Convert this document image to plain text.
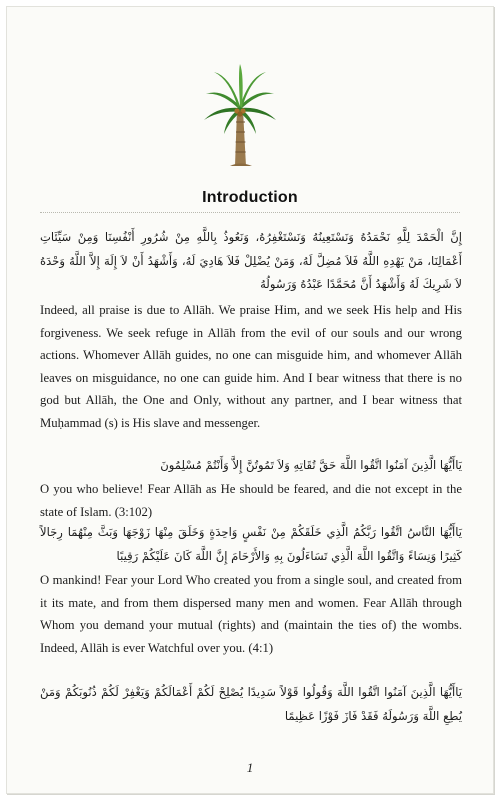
Introduction
إِنَّ الْحَمْدَ لِلَّهِ نَحْمَدُهُ وَنَسْتَعِينُهُ وَنَسْتَغْفِرُهُ، وَنَعُوذُ بِاللَّهِ مِنْ شُرُورِ أَنْفُسِنَا وَمِنْ سَيِّئَاتِ أَعْمَالِنَا، مَنْ يَهْدِهِ اللَّهُ فَلاَ مُضِلَّ لَهُ، وَمَنْ يُضْلِلْ فَلاَ هَادِيَ لَهُ، وَأَشْهَدُ أَنْ لاَ إِلَهَ إِلاَّ اللَّهُ وَحْدَهُ لاَ شَرِيكَ لَهُ وَأَشْهَدُ أَنَّ مُحَمَّدًا عَبْدُهُ وَرَسُولُهُ
Indeed, all praise is due to Allāh. We praise Him, and we seek His help and His forgiveness. We seek refuge in Allāh from the evil of our souls and our wrong actions. Whomever Allāh guides, no one can misguide him, and whomever Allāh leaves on misguidance, no one can guide him. And I bear witness that there is no god but Allāh, the One and Only, without any partner, and I bear witness that Muḥammad (s) is His slave and messenger.
يَاأَيُّهَا الَّذِينَ آمَنُوا اتَّقُوا اللَّهَ حَقَّ تُقَاتِهِ وَلاَ تَمُوتُنَّ إِلاَّ وَأَنْتُمْ مُسْلِمُونَ
O you who believe! Fear Allāh as He should be feared, and die not except in the state of Islam. (3:102)
يَاأَيُّهَا النَّاسُ اتَّقُوا رَبَّكُمُ الَّذِي خَلَقَكُمْ مِنْ نَفْسٍ وَاحِدَةٍ وَخَلَقَ مِنْهَا زَوْجَهَا وَبَثَّ مِنْهُمَا رِجَالاً كَثِيرًا وَنِسَاءً وَاتَّقُوا اللَّهَ الَّذِي تَسَاءَلُونَ بِهِ وَالأَرْحَامَ إِنَّ اللَّهَ كَانَ عَلَيْكُمْ رَقِيبًا
O mankind! Fear your Lord Who created you from a single soul, and created from it its mate, and from them dispersed many men and women. Fear Allāh through Whom you demand your mutual (rights) and (maintain the ties of) the wombs. Indeed, Allāh is ever Watchful over you. (4:1)
يَاأَيُّهَا الَّذِينَ آمَنُوا اتَّقُوا اللَّهَ وَقُولُوا قَوْلاً سَدِيدًا يُصْلِحْ لَكُمْ أَعْمَالَكُمْ وَيَغْفِرْ لَكُمْ ذُنُوبَكُمْ وَمَنْ يُطِعِ اللَّهَ وَرَسُولَهُ فَقَدْ فَازَ فَوْزًا عَظِيمًا
1
